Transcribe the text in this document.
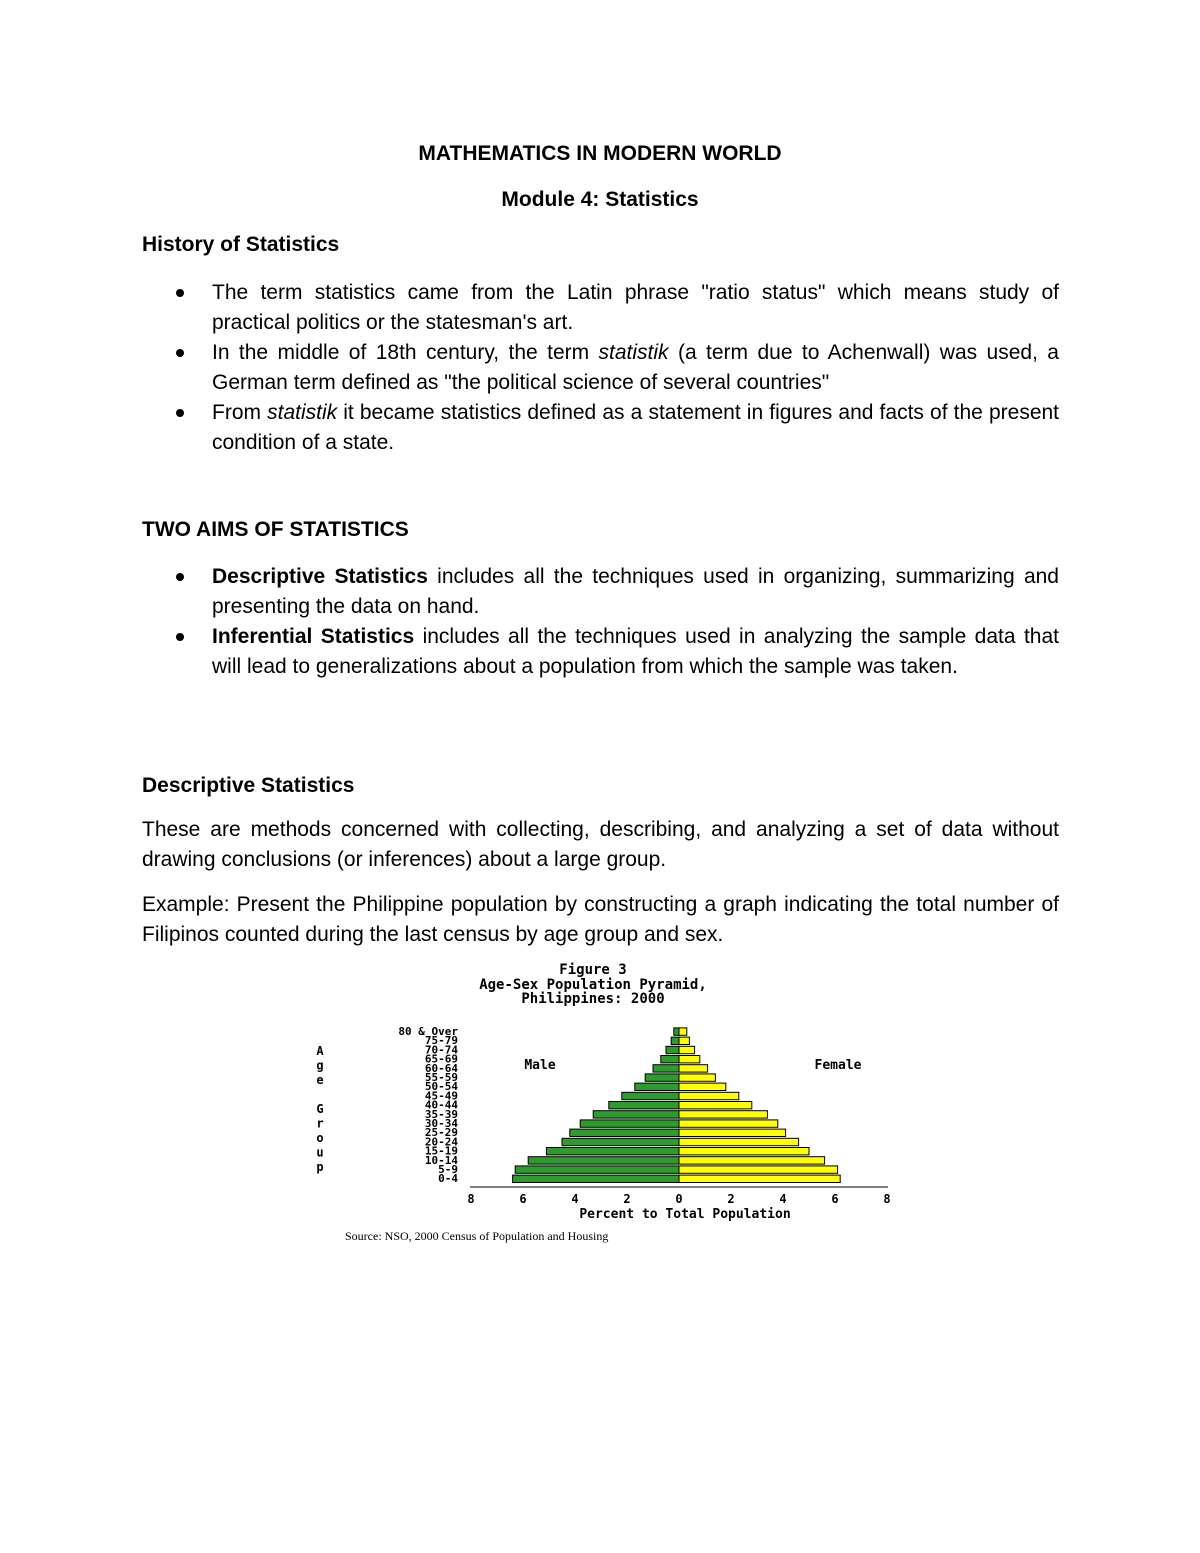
MATHEMATICS IN MODERN WORLD
Module 4: Statistics
History of Statistics
The term statistics came from the Latin phrase "ratio status" which means study of practical politics or the statesman's art.
In the middle of 18th century, the term statistik (a term due to Achenwall) was used, a German term defined as "the political science of several countries"
From statistik it became statistics defined as a statement in figures and facts of the present condition of a state.
TWO AIMS OF STATISTICS
Descriptive Statistics includes all the techniques used in organizing, summarizing and presenting the data on hand.
Inferential Statistics includes all the techniques used in analyzing the sample data that will lead to generalizations about a population from which the sample was taken.
Descriptive Statistics

These are methods concerned with collecting, describing, and analyzing a set of data without drawing conclusions (or inferences) about a large group.

Example: Present the Philippine population by constructing a graph indicating the total number of Filipinos counted during the last census by age group and sex.

Figure 3
Age-Sex Population Pyramid,
Philippines: 2000
A
g
e
G
r
o
u
p
80 & Over
75-79
70-74
65-69
60-64
55-59
50-54
45-49
40-44
35-39
30-34
25-29
20-24
15-19
10-14
5-9
0-4
Male	Female
8	6	4	2	0	2	4	6	8
Percent to Total Population
Source: NSO, 2000 Census of Population and Housing
